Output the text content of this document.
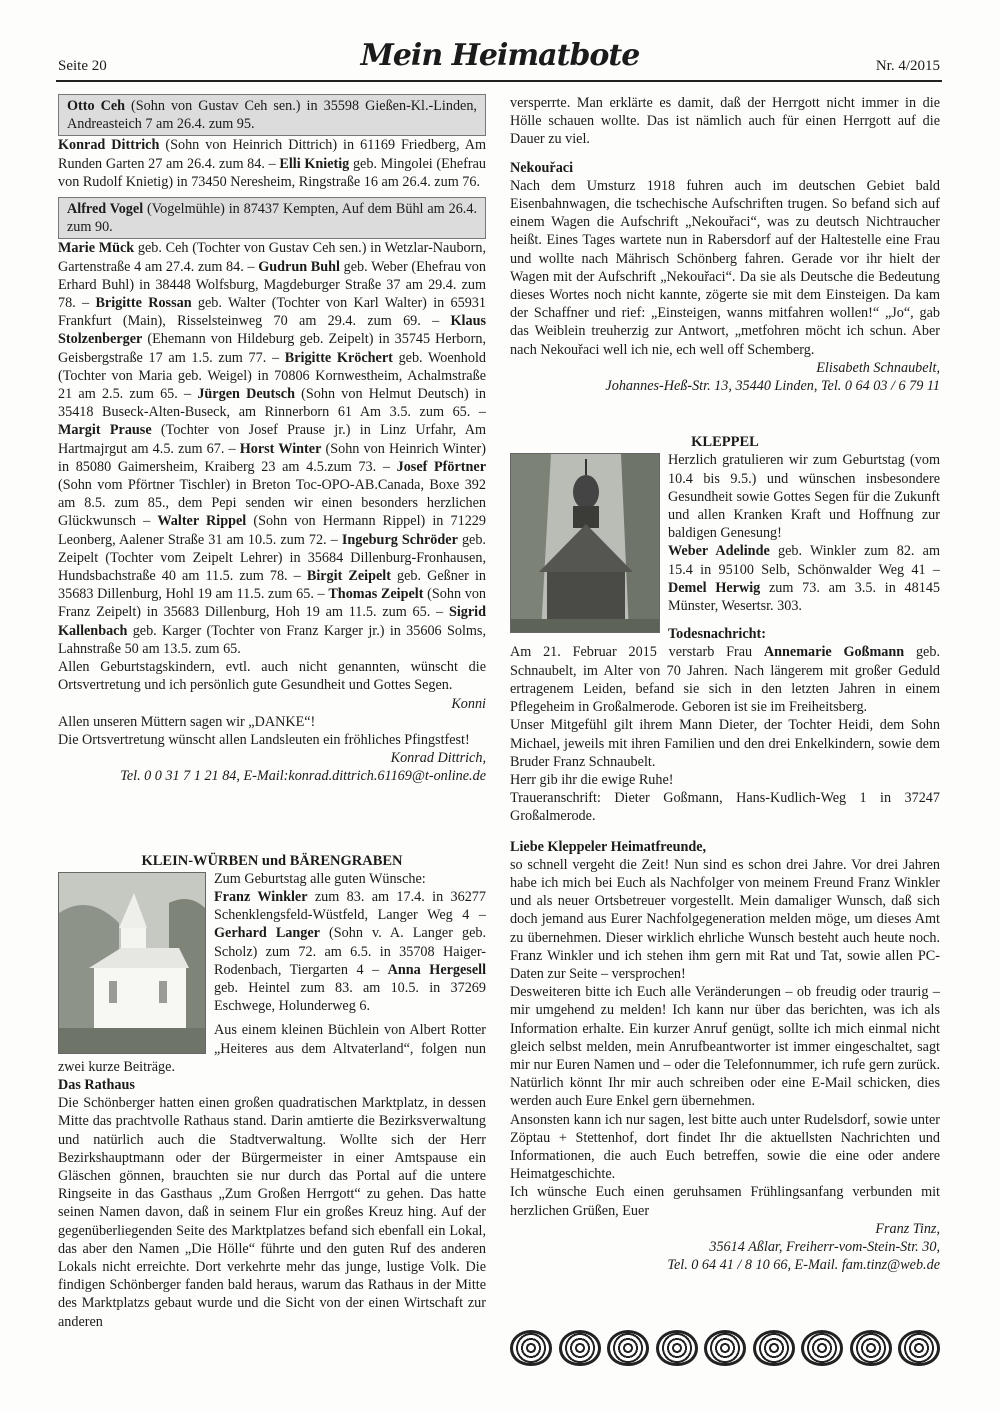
Seite 20	Mein Heimatbote	Nr. 4/2015

Otto Ceh (Sohn von Gustav Ceh sen.) in 35598 Gießen-Kl.-Linden, Andreasteich 7 am 26.4. zum 95.

Konrad Dittrich (Sohn von Heinrich Dittrich) in 61169 Friedberg, Am Runden Garten 27 am 26.4. zum 84. – Elli Knietig geb. Mingolei (Ehefrau von Rudolf Knietig) in 73450 Neresheim, Ringstraße 16 am 26.4. zum 76.

Alfred Vogel (Vogelmühle) in 87437 Kempten, Auf dem Bühl am 26.4. zum 90.

Marie Mück geb. Ceh (Tochter von Gustav Ceh sen.) in Wetzlar-Nauborn, Gartenstraße 4 am 27.4. zum 84. – Gudrun Buhl geb. Weber (Ehefrau von Erhard Buhl) in 38448 Wolfsburg, Magdeburger Straße 37 am 29.4. zum 78. – Brigitte Rossan geb. Walter (Tochter von Karl Walter) in 65931 Frankfurt (Main), Risselsteinweg 70 am 29.4. zum 69. – Klaus Stolzenberger (Ehemann von Hildeburg geb. Zeipelt) in 35745 Herborn, Geisbergstraße 17 am 1.5. zum 77. – Brigitte Kröchert geb. Woenhold (Tochter von Maria geb. Weigel) in 70806 Kornwestheim, Achalmstraße 21 am 2.5. zum 65. – Jürgen Deutsch (Sohn von Helmut Deutsch) in 35418 Buseck-Alten-Buseck, am Rinnerborn 61 Am 3.5. zum 65. – Margit Prause (Tochter von Josef Prause jr.) in Linz Urfahr, Am Hartmajrgut am 4.5. zum 67. – Horst Winter (Sohn von Heinrich Winter) in 85080 Gaimersheim, Kraiberg 23 am 4.5.zum 73. – Josef Pförtner (Sohn vom Pförtner Tischler) in Breton Toc-OPO-AB.Canada, Boxe 392 am 8.5. zum 85., dem Pepi senden wir einen besonders herzlichen Glückwunsch – Walter Rippel (Sohn von Hermann Rippel) in 71229 Leonberg, Aalener Straße 31 am 10.5. zum 72. – Ingeburg Schröder geb. Zeipelt (Tochter vom Zeipelt Lehrer) in 35684 Dillenburg-Fronhausen, Hundsbachstraße 40 am 11.5. zum 78. – Birgit Zeipelt geb. Geßner in 35683 Dillenburg, Hohl 19 am 11.5. zum 65. – Thomas Zeipelt (Sohn von Franz Zeipelt) in 35683 Dillenburg, Hoh 19 am 11.5. zum 65. – Sigrid Kallenbach geb. Karger (Tochter von Franz Karger jr.) in 35606 Solms, Lahnstraße 50 am 13.5. zum 65.

Allen Geburtstagskindern, evtl. auch nicht genannten, wünscht die Ortsvertretung und ich persönlich gute Gesundheit und Gottes Segen.

Konni

Allen unseren Müttern sagen wir „DANKE“!

Die Ortsvertretung wünscht allen Landsleuten ein fröhliches Pfingstfest!

Konrad Dittrich,

Tel. 0 0 31 7 1 21 84, E-Mail:konrad.dittrich.61169@t-online.de

KLEIN-WÜRBEN und BÄRENGRABEN

Zum Geburtstag alle guten Wünsche:

Franz Winkler zum 83. am 17.4. in 36277 Schenklengsfeld-Wüstfeld, Langer Weg 4 – Gerhard Langer (Sohn v. A. Langer geb. Scholz) zum 72. am 6.5. in 35708 Haiger-Rodenbach, Tiergarten 4 – Anna Hergesell geb. Heintel zum 83. am 10.5. in 37269 Eschwege, Holunderweg 6.

Aus einem kleinen Büchlein von Albert Rotter „Heiteres aus dem Altvaterland“, folgen nun zwei kurze Beiträge.

Das Rathaus

Die Schönberger hatten einen großen quadratischen Marktplatz, in dessen Mitte das prachtvolle Rathaus stand. Darin amtierte die Bezirksverwaltung und natürlich auch die Stadtverwaltung. Wollte sich der Herr Bezirkshauptmann oder der Bürgermeister in einer Amtspause ein Gläschen gönnen, brauchten sie nur durch das Portal auf die untere Ringseite in das Gasthaus „Zum Großen Herrgott“ zu gehen. Das hatte seinen Namen davon, daß in seinem Flur ein großes Kreuz hing. Auf der gegenüberliegenden Seite des Marktplatzes befand sich ebenfall ein Lokal, das aber den Namen „Die Hölle“ führte und den guten Ruf des anderen Lokals nicht erreichte. Dort verkehrte mehr das junge, lustige Volk. Die findigen Schönberger fanden bald heraus, warum das Rathaus in der Mitte des Marktplatzs gebaut wurde und die Sicht von der einen Wirtschaft zur anderen

versperrte. Man erklärte es damit, daß der Herrgott nicht immer in die Hölle schauen wollte. Das ist nämlich auch für einen Herrgott auf die Dauer zu viel.

Nekouřaci

Nach dem Umsturz 1918 fuhren auch im deutschen Gebiet bald Eisenbahnwagen, die tschechische Aufschriften trugen. So befand sich auf einem Wagen die Aufschrift „Nekouřaci“, was zu deutsch Nichtraucher heißt. Eines Tages wartete nun in Rabersdorf auf der Haltestelle eine Frau und wollte nach Mährisch Schönberg fahren. Gerade vor ihr hielt der Wagen mit der Aufschrift „Nekouřaci“. Da sie als Deutsche die Bedeutung dieses Wortes noch nicht kannte, zögerte sie mit dem Einsteigen. Da kam der Schaffner und rief: „Einsteigen, wanns mitfahren wollen!“ „Jo“, gab das Weiblein treuherzig zur Antwort, „metfohren möcht ich schun. Aber nach Nekouřaci well ich nie, ech well off Schemberg.

Elisabeth Schnaubelt,

Johannes-Heß-Str. 13, 35440 Linden, Tel. 0 64 03 / 6 79 11

KLEPPEL

Herzlich gratulieren wir zum Geburtstag (vom 10.4 bis 9.5.) und wünschen insbesondere Gesundheit sowie Gottes Segen für die Zukunft und allen Kranken Kraft und Hoffnung zur baldigen Genesung!

Weber Adelinde geb. Winkler zum 82. am 15.4 in 95100 Selb, Schönwalder Weg 41 – Demel Herwig zum 73. am 3.5. in 48145 Münster, Wesertsr. 303.

Todesnachricht:

Am 21. Februar 2015 verstarb Frau Annemarie Goßmann geb. Schnaubelt, im Alter von 70 Jahren. Nach längerem mit großer Geduld ertragenem Leiden, befand sie sich in den letzten Jahren in einem Pflegeheim in Großalmerode. Geboren ist sie im Freiheitsberg.

Unser Mitgefühl gilt ihrem Mann Dieter, der Tochter Heidi, dem Sohn Michael, jeweils mit ihren Familien und den drei Enkelkindern, sowie dem Bruder Franz Schnaubelt.

Herr gib ihr die ewige Ruhe!

Traueranschrift: Dieter Goßmann, Hans-Kudlich-Weg 1 in 37247 Großalmerode.

Liebe Kleppeler Heimatfreunde,

so schnell vergeht die Zeit! Nun sind es schon drei Jahre. Vor drei Jahren habe ich mich bei Euch als Nachfolger von meinem Freund Franz Winkler und als neuer Ortsbetreuer vorgestellt. Mein damaliger Wunsch, daß sich doch jemand aus Eurer Nachfolgegeneration melden möge, um dieses Amt zu übernehmen. Dieser wirklich ehrliche Wunsch besteht auch heute noch. Franz Winkler und ich stehen ihm gern mit Rat und Tat, sowie allen PC-Daten zur Seite – versprochen!

Desweiteren bitte ich Euch alle Veränderungen – ob freudig oder traurig – mir umgehend zu melden! Ich kann nur über das berichten, was ich als Information erhalte. Ein kurzer Anruf genügt, sollte ich mich einmal nicht gleich selbst melden, mein Anrufbeantworter ist immer eingeschaltet, sagt mir nur Euren Namen und – oder die Telefonnummer, ich rufe gern zurück. Natürlich könnt Ihr mir auch schreiben oder eine E-Mail schicken, dies werden auch Eure Enkel gern übernehmen.

Ansonsten kann ich nur sagen, lest bitte auch unter Rudelsdorf, sowie unter Zöptau + Stettenhof, dort findet Ihr die aktuellsten Nachrichten und Informationen, die auch Euch betreffen, sowie die eine oder andere Heimatgeschichte.

Ich wünsche Euch einen geruhsamen Frühlingsanfang verbunden mit herzlichen Grüßen, Euer

Franz Tinz,

35614 Aßlar, Freiherr-vom-Stein-Str. 30,

Tel. 0 64 41 / 8 10 66, E-Mail. fam.tinz@web.de
